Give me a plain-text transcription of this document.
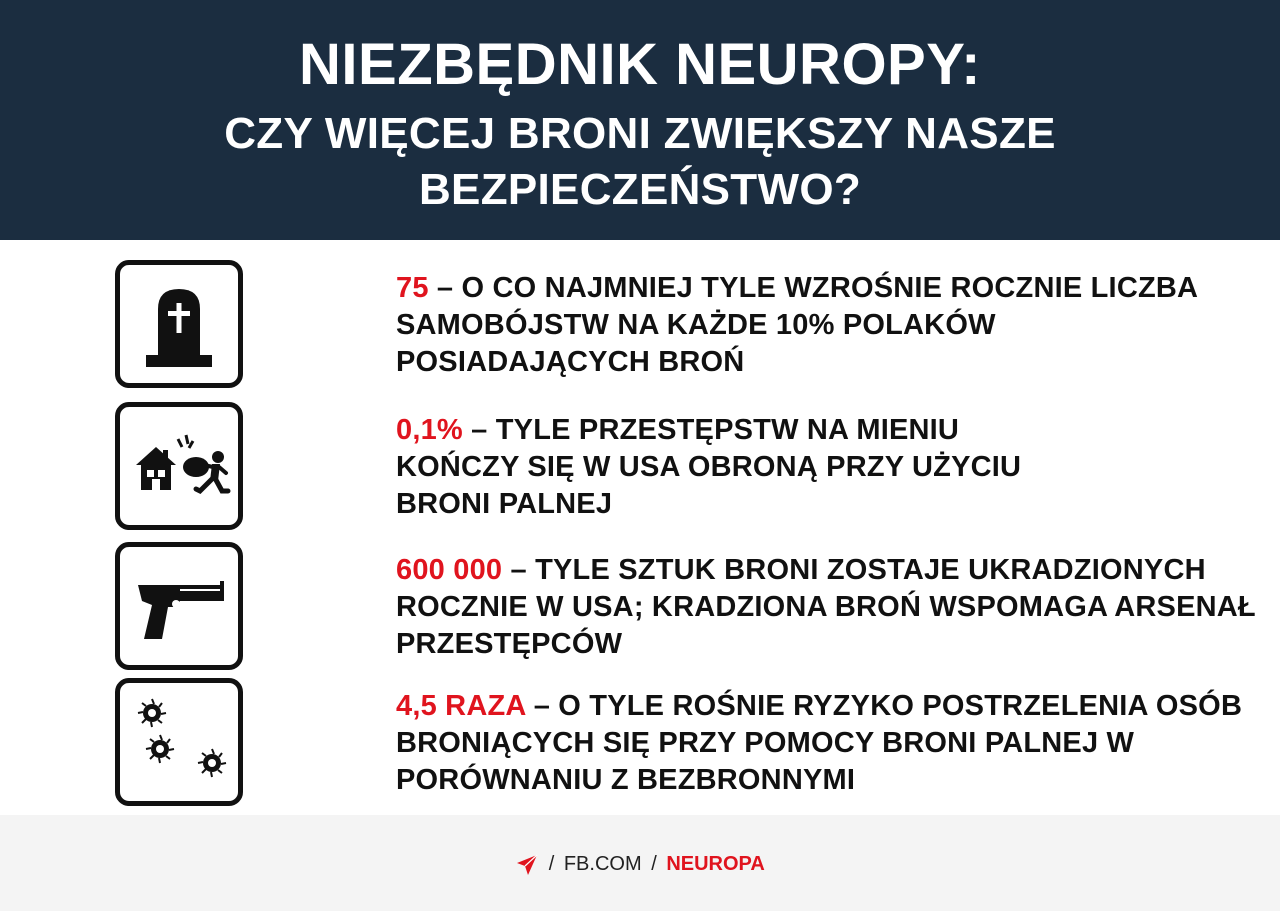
NIEZBĘDNIK NEUROPY:
CZY WIĘCEJ BRONI ZWIĘKSZY NASZE BEZPIECZEŃSTWO?
75 – O CO NAJMNIEJ TYLE WZROŚNIE ROCZNIE LICZBA SAMOBÓJSTW NA KAŻDE 10% POLAKÓW POSIADAJĄCYCH BROŃ
0,1% – TYLE PRZESTĘPSTW NA MIENIU KOŃCZY SIĘ W USA OBRONĄ PRZY UŻYCIU BRONI PALNEJ
600 000 – TYLE SZTUK BRONI ZOSTAJE UKRADZIONYCH ROCZNIE W USA; KRADZIONA BROŃ WSPOMAGA ARSENAŁ PRZESTĘPCÓW
4,5 RAZA – O TYLE ROŚNIE RYZYKO POSTRZELENIA OSÓB BRONIĄCYCH SIĘ PRZY POMOCY BRONI PALNEJ W PORÓWNANIU Z BEZBRONNYMI
/ FB.COM / NEUROPA
